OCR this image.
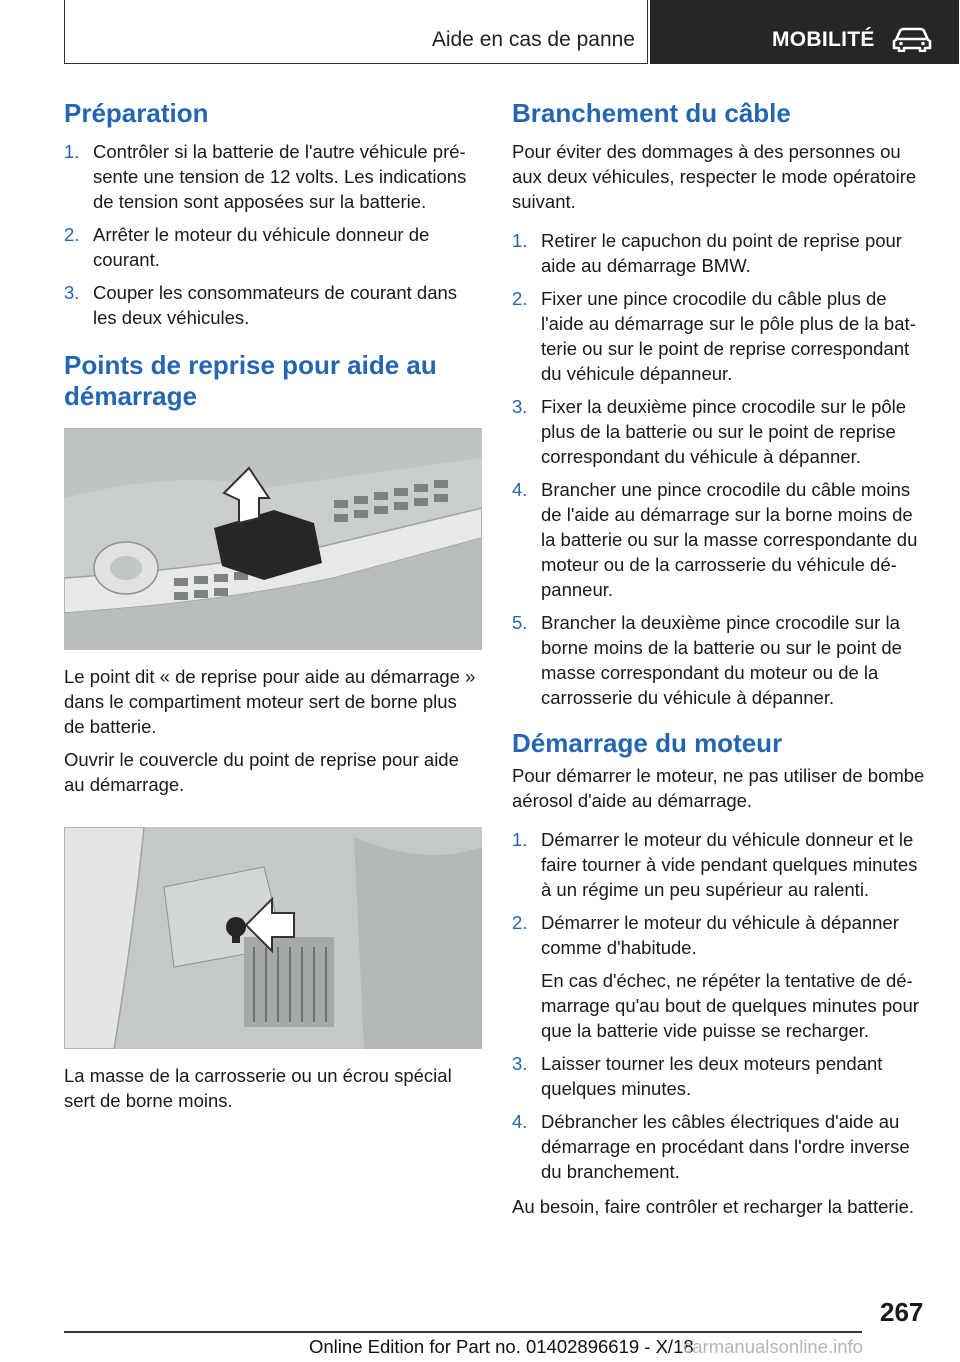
Aide en cas de panne	MOBILITÉ
Préparation
1. Contrôler si la batterie de l'autre véhicule présente une tension de 12 volts. Les indications de tension sont apposées sur la batterie.
2. Arrêter le moteur du véhicule donneur de courant.
3. Couper les consommateurs de courant dans les deux véhicules.
Points de reprise pour aide au démarrage

Le point dit « de reprise pour aide au démarrage » dans le compartiment moteur sert de borne plus de batterie.

Ouvrir le couvercle du point de reprise pour aide au démarrage.

La masse de la carrosserie ou un écrou spécial sert de borne moins.

Branchement du câble

Pour éviter des dommages à des personnes ou aux deux véhicules, respecter le mode opératoire suivant.

1. Retirer le capuchon du point de reprise pour aide au démarrage BMW.
2. Fixer une pince crocodile du câble plus de l'aide au démarrage sur le pôle plus de la batterie ou sur le point de reprise correspondant du véhicule dépanneur.
3. Fixer la deuxième pince crocodile sur le pôle plus de la batterie ou sur le point de reprise correspondant du véhicule à dépanner.
4. Brancher une pince crocodile du câble moins de l'aide au démarrage sur la borne moins de la batterie ou sur la masse correspondante du moteur ou de la carrosserie du véhicule dépanneur.
5. Brancher la deuxième pince crocodile sur la borne moins de la batterie ou sur le point de masse correspondant du moteur ou de la carrosserie du véhicule à dépanner.
Démarrage du moteur

Pour démarrer le moteur, ne pas utiliser de bombe aérosol d'aide au démarrage.

1. Démarrer le moteur du véhicule donneur et le faire tourner à vide pendant quelques minutes à un régime un peu supérieur au ralenti.
2. Démarrer le moteur du véhicule à dépanner comme d'habitude.
En cas d'échec, ne répéter la tentative de démarrage qu'au bout de quelques minutes pour que la batterie vide puisse se recharger.
3. Laisser tourner les deux moteurs pendant quelques minutes.
4. Débrancher les câbles électriques d'aide au démarrage en procédant dans l'ordre inverse du branchement.

Au besoin, faire contrôler et recharger la batterie.

267
Online Edition for Part no. 01402896619 - X/18
carmanualsonline.info
